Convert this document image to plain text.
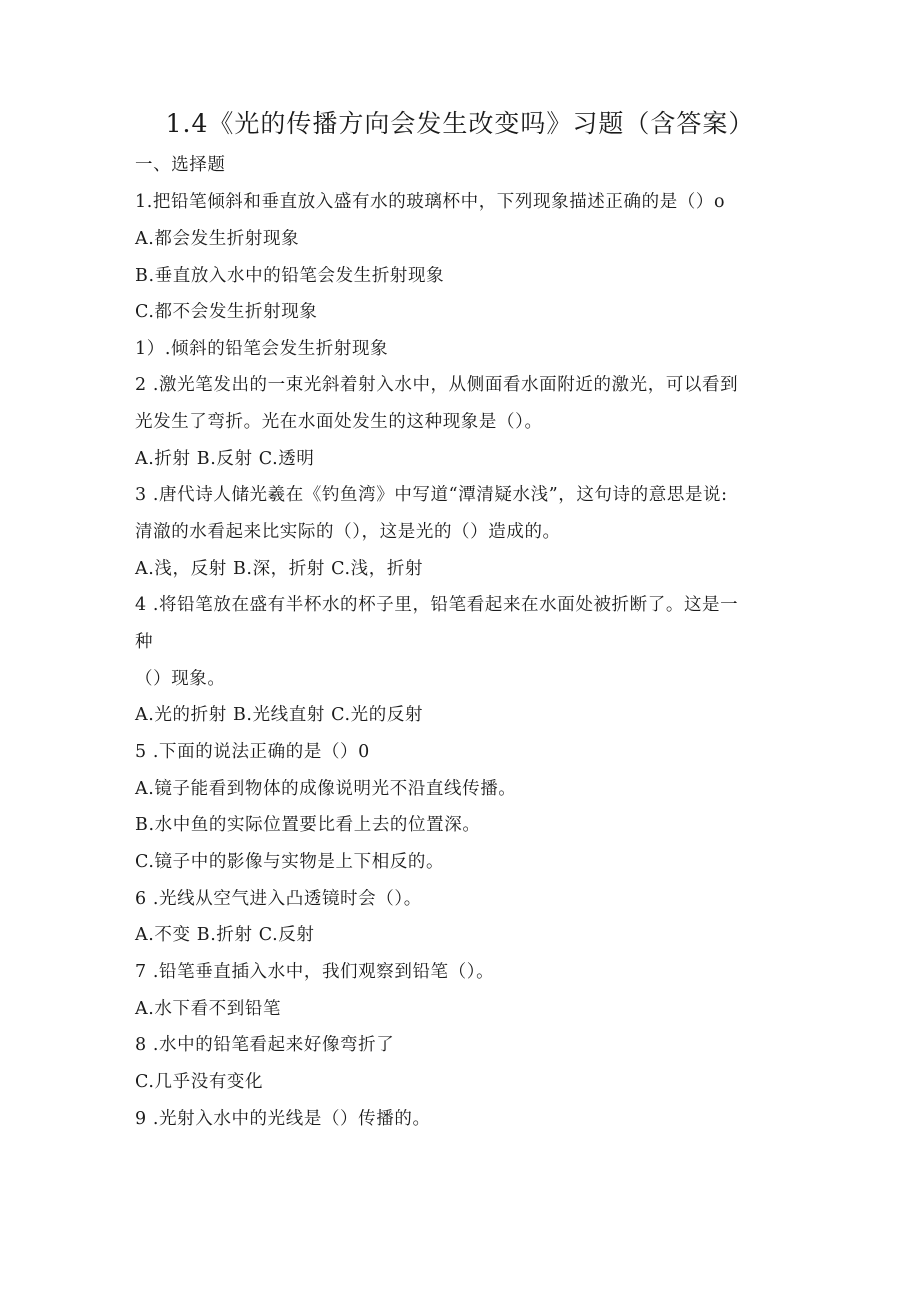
1.4《光的传播方向会发生改变吗》习题（含答案）
一、选择题
1.把铅笔倾斜和垂直放入盛有水的玻璃杯中，下列现象描述正确的是（）o
A.都会发生折射现象
B.垂直放入水中的铅笔会发生折射现象
C.都不会发生折射现象
1）.倾斜的铅笔会发生折射现象
2 .激光笔发出的一束光斜着射入水中，从侧面看水面附近的激光，可以看到
光发生了弯折。光在水面处发生的这种现象是（）。
A.折射 B.反射 C.透明
3 .唐代诗人储光羲在《钓鱼湾》中写道“潭清疑水浅”，这句诗的意思是说:
清澈的水看起来比实际的（），这是光的（）造成的。
A.浅，反射 B.深，折射 C.浅，折射
4 .将铅笔放在盛有半杯水的杯子里，铅笔看起来在水面处被折断了。这是一
种
（）现象。
A.光的折射 B.光线直射 C.光的反射
5 .下面的说法正确的是（）0
A.镜子能看到物体的成像说明光不沿直线传播。
B.水中鱼的实际位置要比看上去的位置深。
C.镜子中的影像与实物是上下相反的。
6 .光线从空气进入凸透镜时会（）。
A.不变 B.折射 C.反射
7 .铅笔垂直插入水中，我们观察到铅笔（）。
A.水下看不到铅笔
8 .水中的铅笔看起来好像弯折了
C.几乎没有变化
9 .光射入水中的光线是（）传播的。
